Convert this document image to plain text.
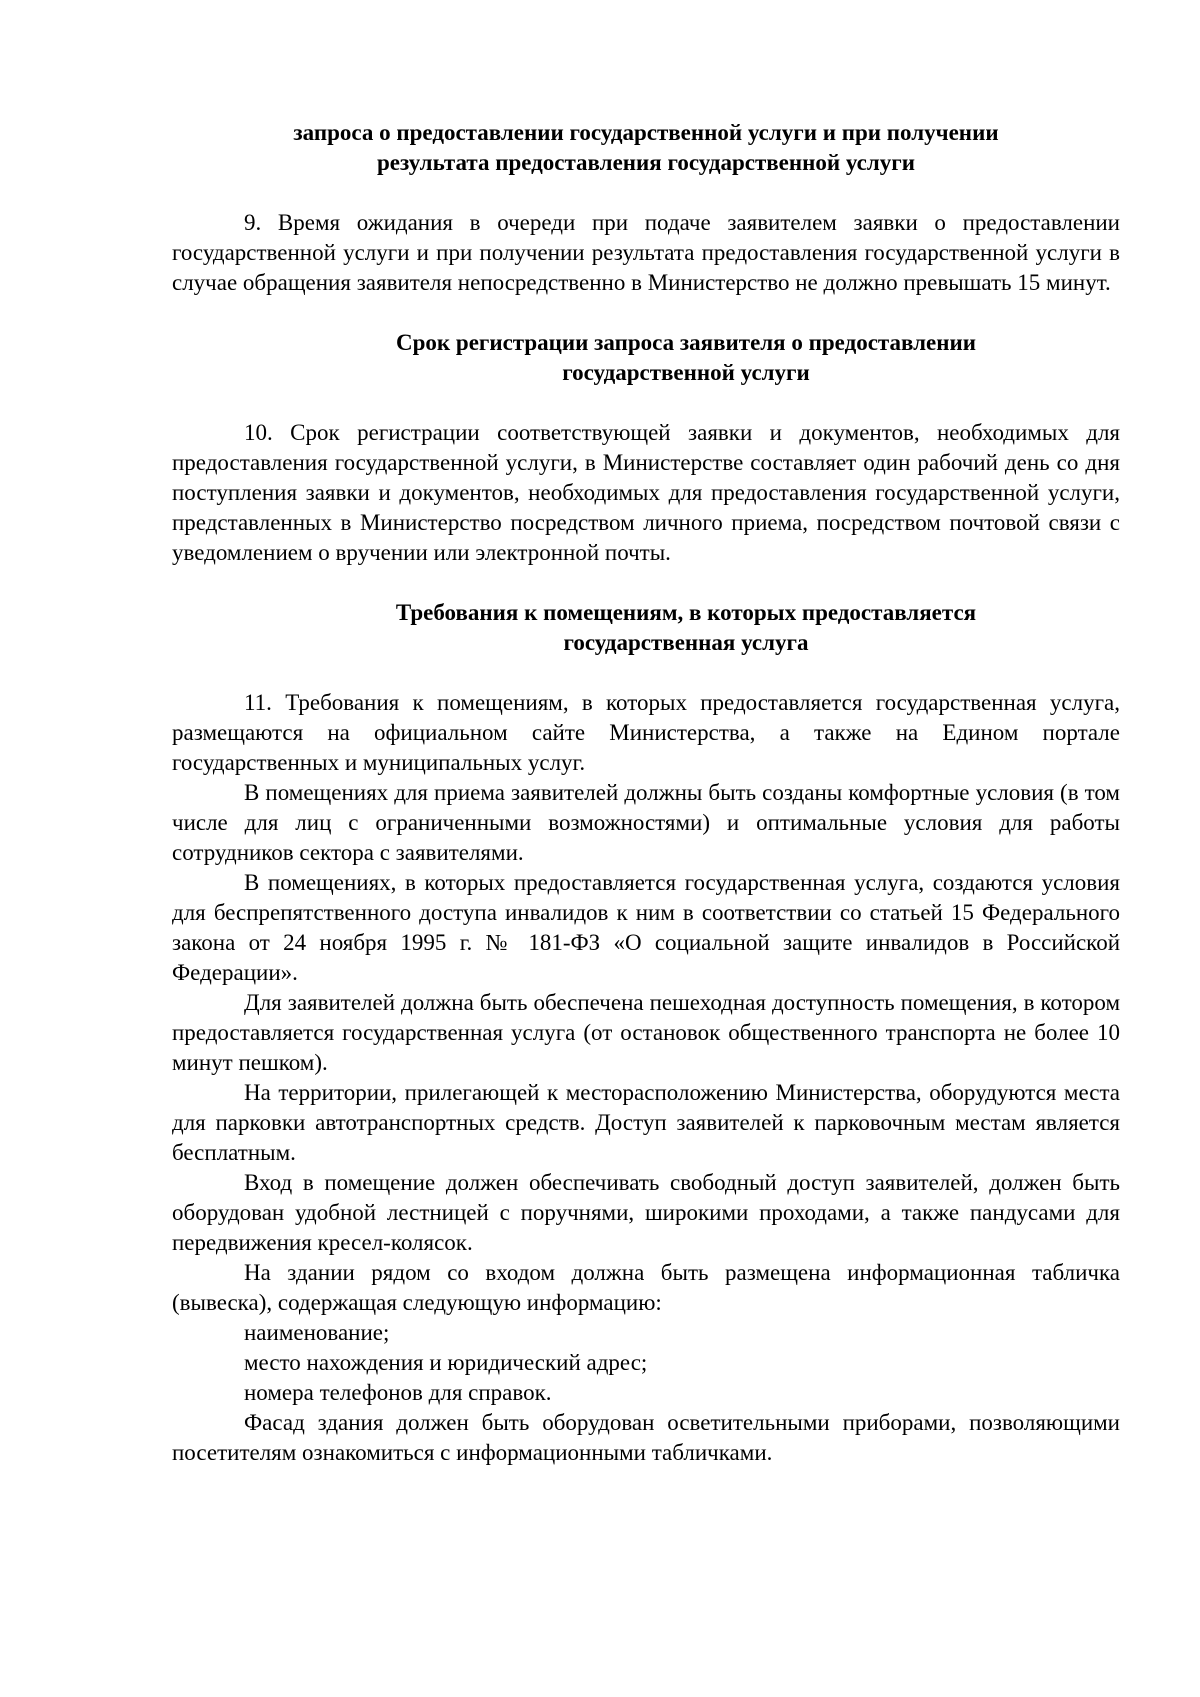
запроса о предоставлении государственной услуги и при получении
результата предоставления государственной услуги

9. Время ожидания в очереди при подаче заявителем заявки о предоставлении государственной услуги и при получении результата предоставления государственной услуги в случае обращения заявителя непосредственно в Министерство не должно превышать 15 минут.

Срок регистрации запроса заявителя о предоставлении
государственной услуги

10. Срок регистрации соответствующей заявки и документов, необходимых для предоставления государственной услуги, в Министерстве составляет один рабочий день со дня поступления заявки и документов, необходимых для предоставления государственной услуги, представленных в Министерство посредством личного приема, посредством почтовой связи с уведомлением о вручении или электронной почты.

Требования к помещениям, в которых предоставляется
государственная услуга

11. Требования к помещениям, в которых предоставляется государственная услуга, размещаются на официальном сайте Министерства, а также на Едином портале государственных и муниципальных услуг.

В помещениях для приема заявителей должны быть созданы комфортные условия (в том числе для лиц с ограниченными возможностями) и оптимальные условия для работы сотрудников сектора с заявителями.

В помещениях, в которых предоставляется государственная услуга, создаются условия для беспрепятственного доступа инвалидов к ним в соответствии со статьей 15 Федерального закона от 24 ноября 1995 г. № 181-ФЗ «О социальной защите инвалидов в Российской Федерации».

Для заявителей должна быть обеспечена пешеходная доступность помещения, в котором предоставляется государственная услуга (от остановок общественного транспорта не более 10 минут пешком).

На территории, прилегающей к месторасположению Министерства, оборудуются места для парковки автотранспортных средств. Доступ заявителей к парковочным местам является бесплатным.

Вход в помещение должен обеспечивать свободный доступ заявителей, должен быть оборудован удобной лестницей с поручнями, широкими проходами, а также пандусами для передвижения кресел-колясок.

На здании рядом со входом должна быть размещена информационная табличка (вывеска), содержащая следующую информацию:

наименование;

место нахождения и юридический адрес;

номера телефонов для справок.

Фасад здания должен быть оборудован осветительными приборами, позволяющими посетителям ознакомиться с информационными табличками.
